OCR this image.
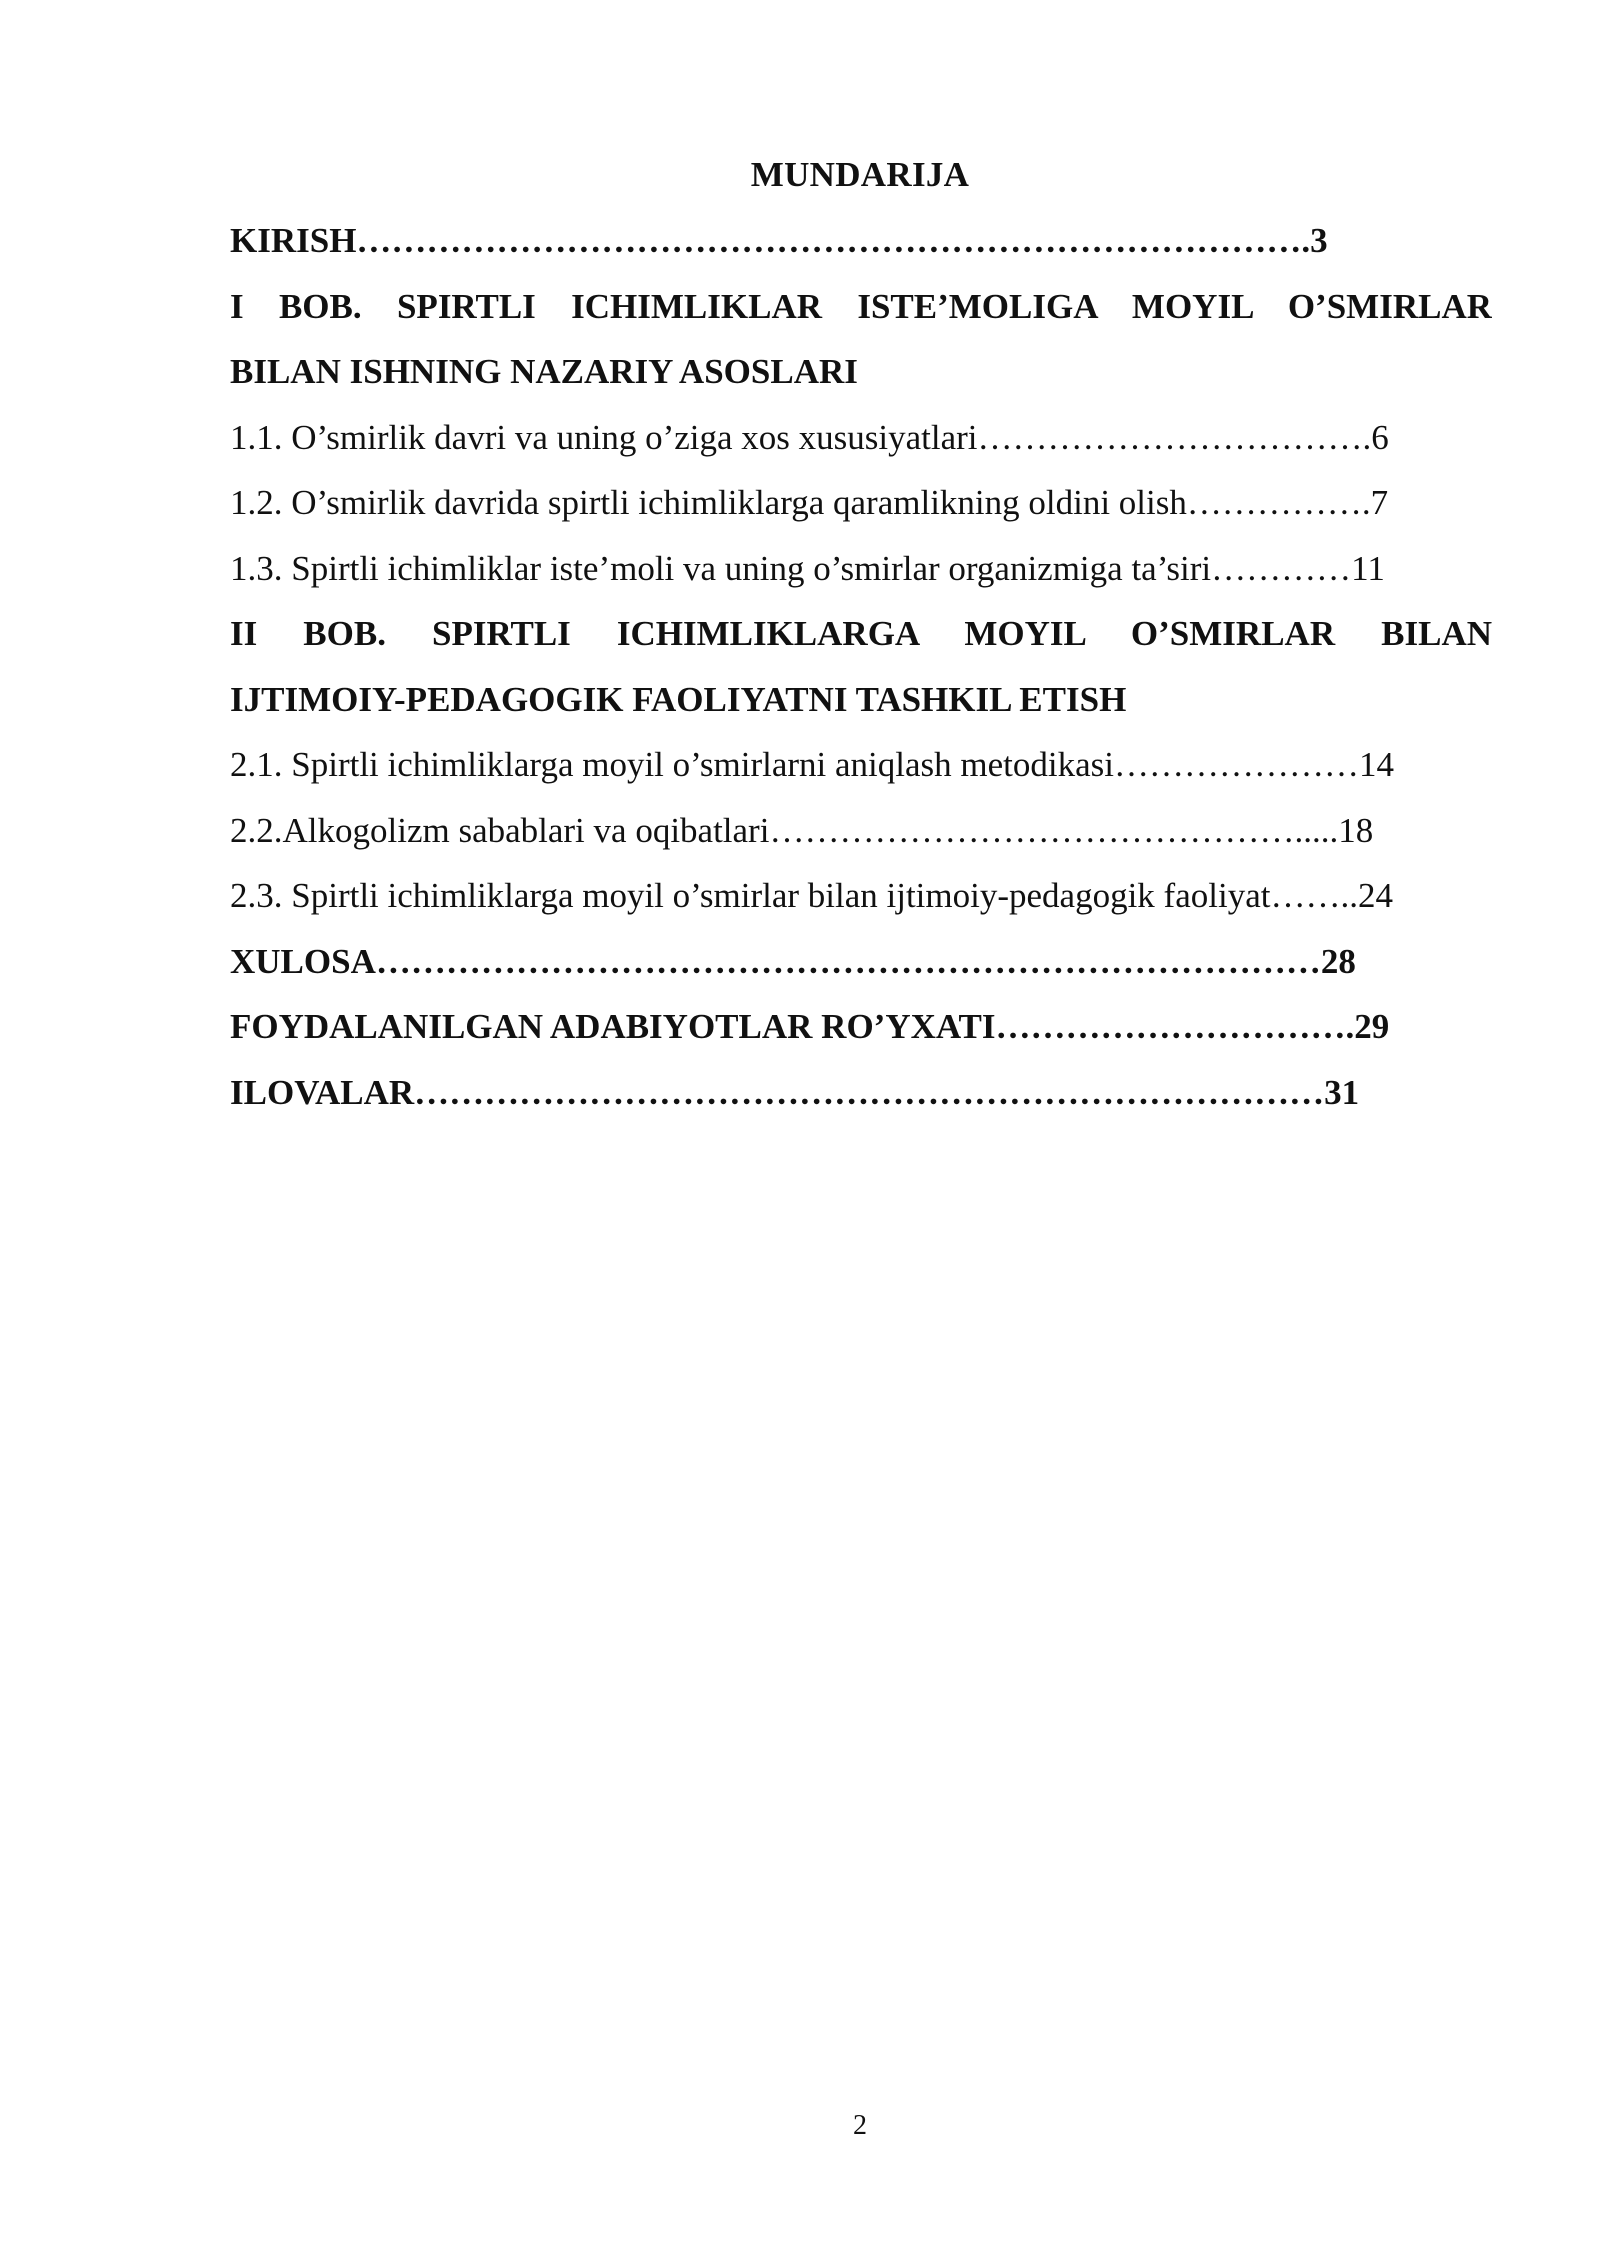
MUNDARIJA
KIRISH……………………………………………………………………….3
I BOB. SPIRTLI ICHIMLIKLAR ISTE’MOLIGA MOYIL O’SMIRLAR
BILAN ISHNING NAZARIY ASOSLARI
1.1. O’smirlik davri va uning o’ziga xos xususiyatlari…………………………….6
1.2. O’smirlik davrida spirtli ichimliklarga qaramlikning oldini olish…………….7
1.3. Spirtli ichimliklar iste’moli va uning o’smirlar organizmiga ta’siri…………11
II BOB. SPIRTLI ICHIMLIKLARGA MOYIL O’SMIRLAR BILAN
IJTIMOIY-PEDAGOGIK FAOLIYATNI TASHKIL ETISH
2.1. Spirtli ichimliklarga moyil o’smirlarni aniqlash metodikasi…………………14
2.2.Alkogolizm sabablari va oqibatlari……………………………………….....18
2.3. Spirtli ichimliklarga moyil o’smirlar bilan ijtimoiy-pedagogik faoliyat……..24
XULOSA………………………………………………………………………28
FOYDALANILGAN ADABIYOTLAR RO’YXATI………………………….29
ILOVALAR……………………………………………………………………31
2
